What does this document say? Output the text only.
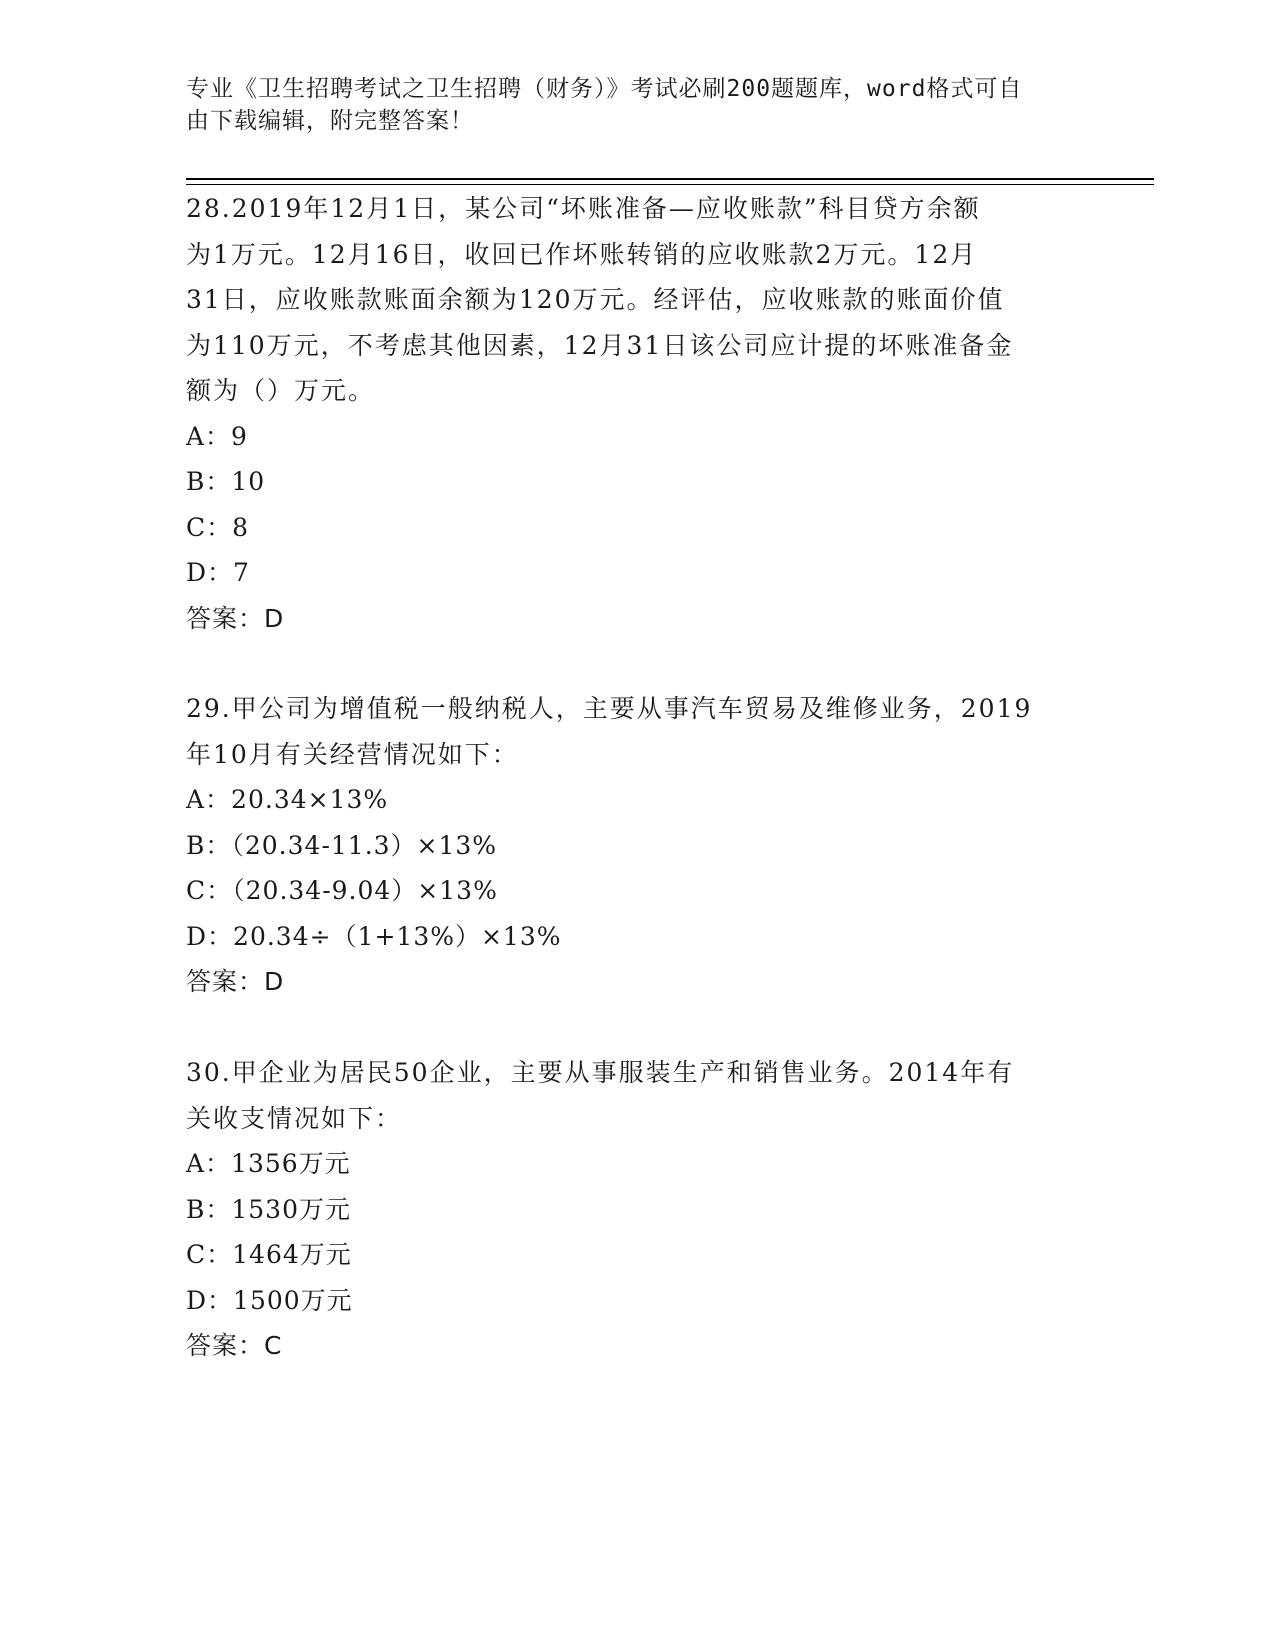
专业《卫生招聘考试之卫生招聘（财务）》考试必刷200题题库，word格式可自
由下载编辑，附完整答案！

28.2019年12月1日，某公司“坏账准备—应收账款”科目贷方余额

为1万元。12月16日，收回已作坏账转销的应收账款2万元。12月

31日，应收账款账面余额为120万元。经评估，应收账款的账面价值

为110万元，不考虑其他因素，12月31日该公司应计提的坏账准备金

额为（）万元。

A：9

B：10

C：8

D：7

答案：D

29.甲公司为增值税一般纳税人，主要从事汽车贸易及维修业务，2019

年10月有关经营情况如下：

A：20.34×13%

B：（20.34-11.3）×13%

C：（20.34-9.04）×13%

D：20.34÷（1+13%）×13%

答案：D

30.甲企业为居民50企业，主要从事服装生产和销售业务。2014年有

关收支情况如下：

A：1356万元

B：1530万元

C：1464万元

D：1500万元

答案：C
